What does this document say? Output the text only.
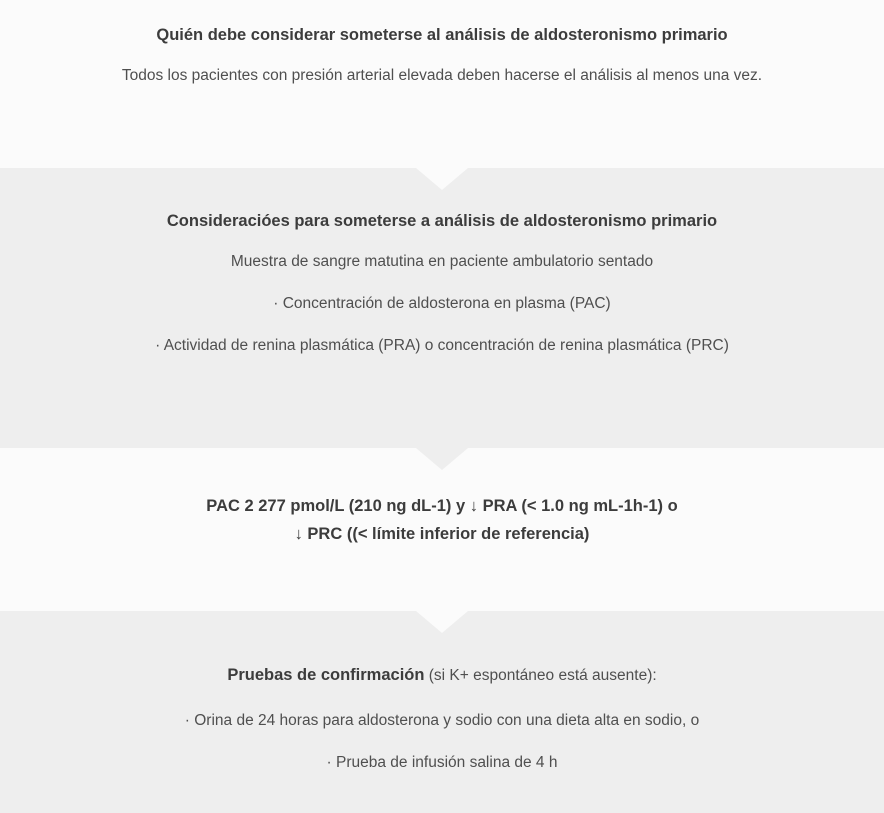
Quién debe considerar someterse al análisis de aldosteronismo primario
Todos los pacientes con presión arterial elevada deben hacerse el análisis al menos una vez.
Consideracióes para someterse a análisis de aldosteronismo primario
Muestra de sangre matutina en paciente ambulatorio sentado
· Concentración de aldosterona en plasma (PAC)
· Actividad de renina plasmática (PRA) o concentración de renina plasmática (PRC)
PAC 2 277 pmol/L (210 ng dL-1) y ↓ PRA (< 1.0 ng mL-1h-1) o
↓ PRC ((< límite inferior de referencia)
Pruebas de confirmación (si K+ espontáneo está ausente):
· Orina de 24 horas para aldosterona y sodio con una dieta alta en sodio, o
· Prueba de infusión salina de 4 h
